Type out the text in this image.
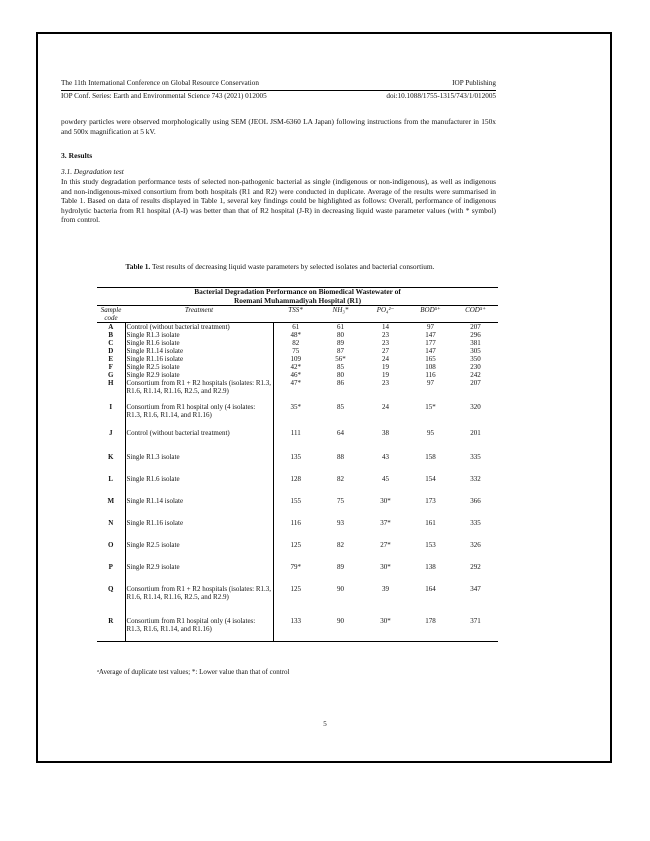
The 11th International Conference on Global Resource Conservation	IOP Publishing
IOP Conf. Series: Earth and Environmental Science 743 (2021) 012005	doi:10.1088/1755-1315/743/1/012005
powdery particles were observed morphologically using SEM (JEOL JSM-6360 LA Japan) following instructions from the manufacturer in 150x and 500x magnification at 5 kV.
3. Results
3.1. Degradation test
In this study degradation performance tests of selected non-pathogenic bacterial as single (indigenous or non-indigenous), as well as indigenous and non-indigenous-mixed consortium from both hospitals (R1 and R2) were conducted in duplicate. Average of the results were summarised in Table 1. Based on data of results displayed in Table 1, several key findings could be highlighted as follows: Overall, performance of indigenous hydrolytic bacteria from R1 hospital (A-I) was better than that of R2 hospital (J-R) in decreasing liquid waste parameter values (with * symbol) from control.
Table 1. Test results of decreasing liquid waste parameters by selected isolates and bacterial consortium.
Bacterial Degradation Performance on Biomedical Wastewater of
Roemani Muhammadiyah Hospital (R1)						

Sample code	Treatment	TSS*	NH₃*	PO₄²⁻	BOD⁵⁺	COD⁵⁺
A	Control (without bacterial treatment)	61	61	14	97	207
B	Single R1.3 isolate	48*	80	23	147	296
C	Single R1.6 isolate	82	89	23	177	381
D	Single R1.14 isolate	75	87	27	147	305
E	Single R1.16 isolate	109	56*	24	165	350
F	Single R2.5 isolate	42*	85	19	108	230
G	Single R2.9 isolate	46*	80	19	116	242
H	Consortium from R1 + R2 hospitals (isolates: R1.3, R1.6, R1.14, R1.16, R2.5, and R2.9)	47*	86	23	97	207
I	Consortium from R1 hospital only (4 isolates: R1.3, R1.6, R1.14, and R1.16)	35*	85	24	15*	320
J	Control (without bacterial treatment)	111	64	38	95	201
K	Single R1.3 isolate	135	88	43	158	335
L	Single R1.6 isolate	128	82	45	154	332
M	Single R1.14 isolate	155	75	30*	173	366
N	Single R1.16 isolate	116	93	37*	161	335
O	Single R2.5 isolate	125	82	27*	153	326
P	Single R2.9 isolate	79*	89	30*	138	292
Q	Consortium from R1 + R2 hospitals (isolates: R1.3, R1.6, R1.14, R1.16, R2.5, and R2.9)	125	90	39	164	347
R	Consortium from R1 hospital only (4 isolates: R1.3, R1.6, R1.14, and R1.16)	133	90	30*	178	371
ᵃAverage of duplicate test values; *: Lower value than that of control
5
